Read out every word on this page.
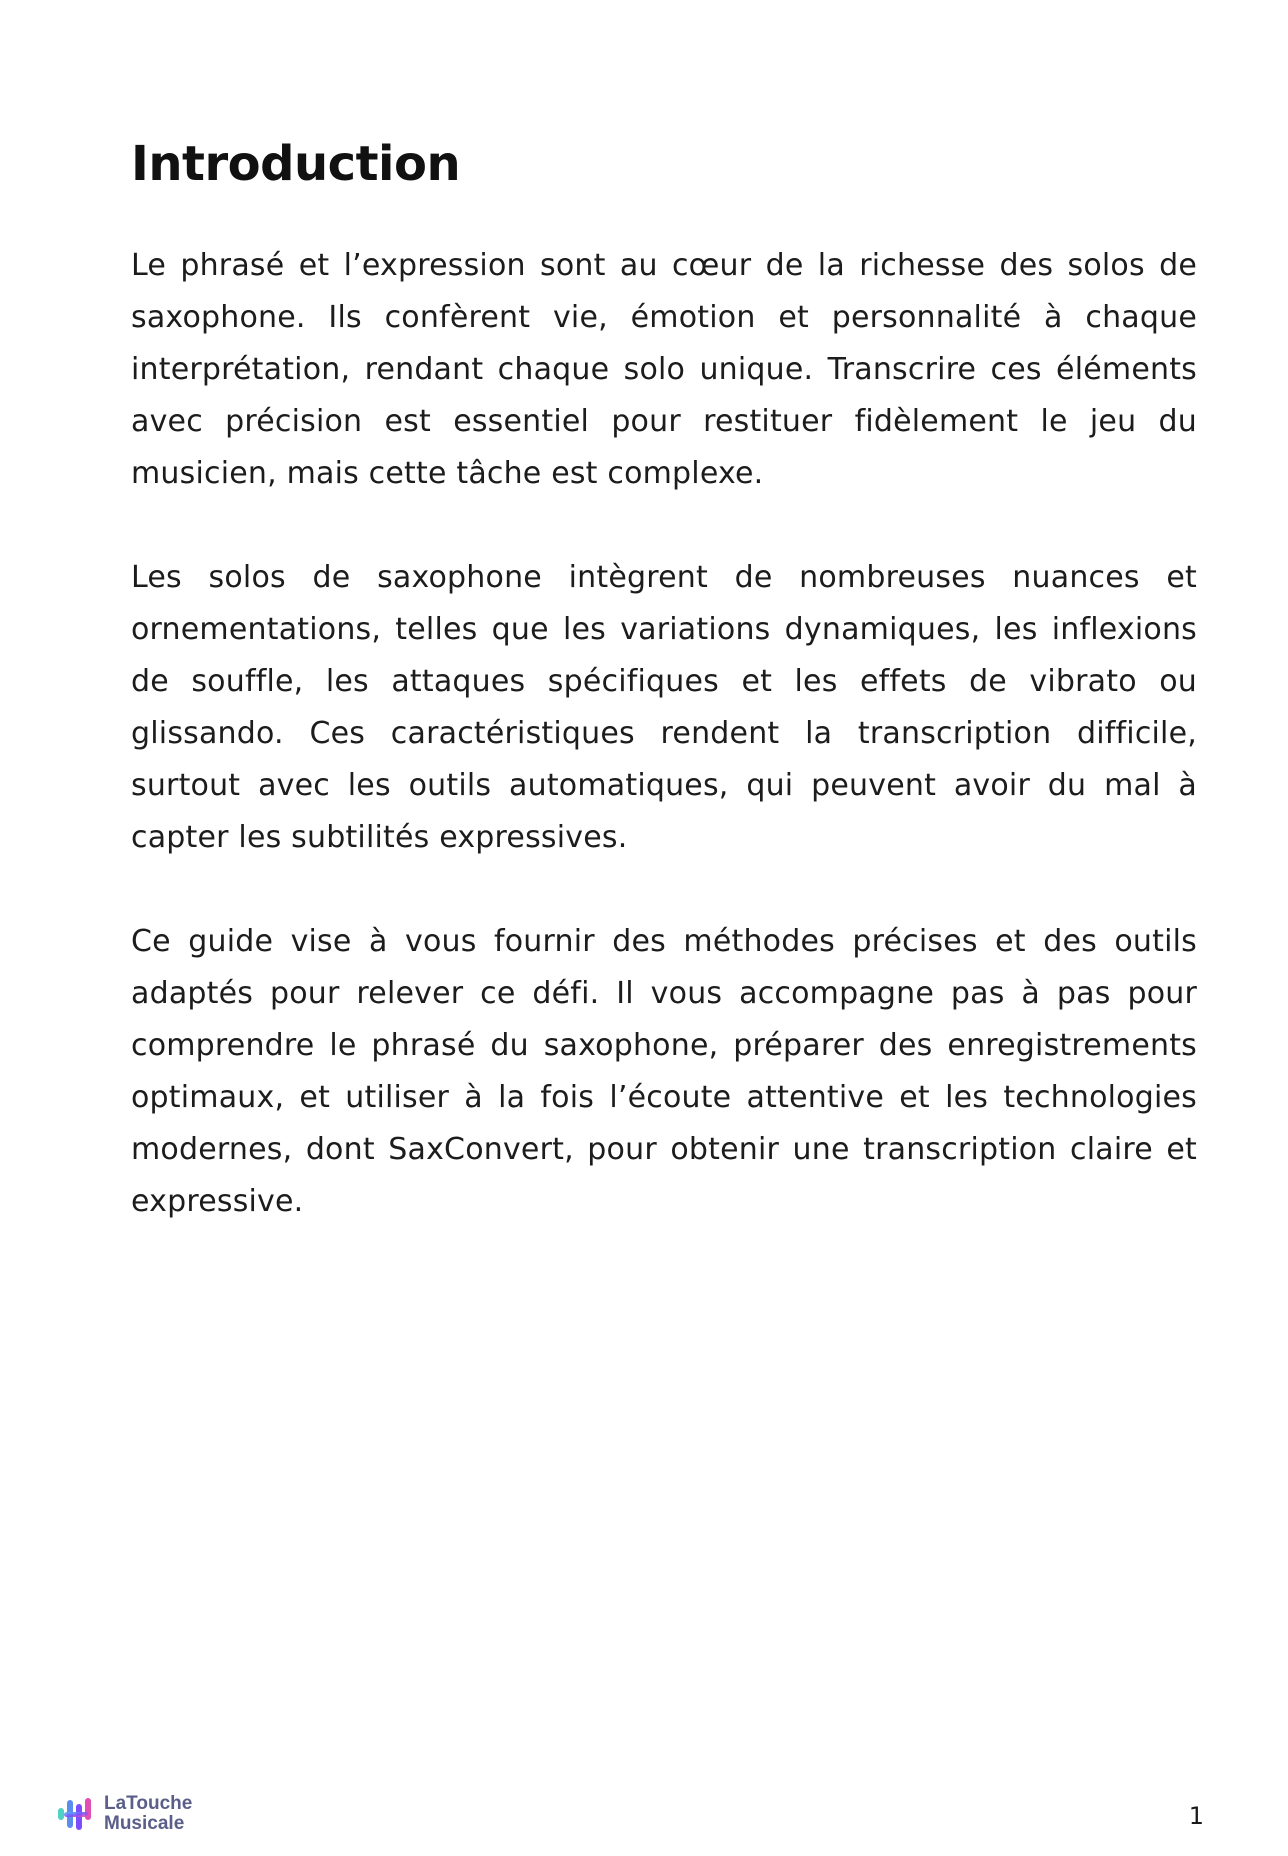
Introduction

Le phrasé et l’expression sont au cœur de la richesse des solos de saxophone. Ils confèrent vie, émotion et personnalité à chaque interprétation, rendant chaque solo unique. Transcrire ces éléments avec précision est essentiel pour restituer fidèlement le jeu du musicien, mais cette tâche est complexe.

Les solos de saxophone intègrent de nombreuses nuances et ornementations, telles que les variations dynamiques, les inflexions de souffle, les attaques spécifiques et les effets de vibrato ou glissando. Ces caractéristiques rendent la transcription difficile, surtout avec les outils automatiques, qui peuvent avoir du mal à capter les subtilités expressives.

Ce guide vise à vous fournir des méthodes précises et des outils adaptés pour relever ce défi. Il vous accompagne pas à pas pour comprendre le phrasé du saxophone, préparer des enregistrements optimaux, et utiliser à la fois l’écoute attentive et les technologies modernes, dont SaxConvert, pour obtenir une transcription claire et expressive.

LaTouche
Musicale	1
